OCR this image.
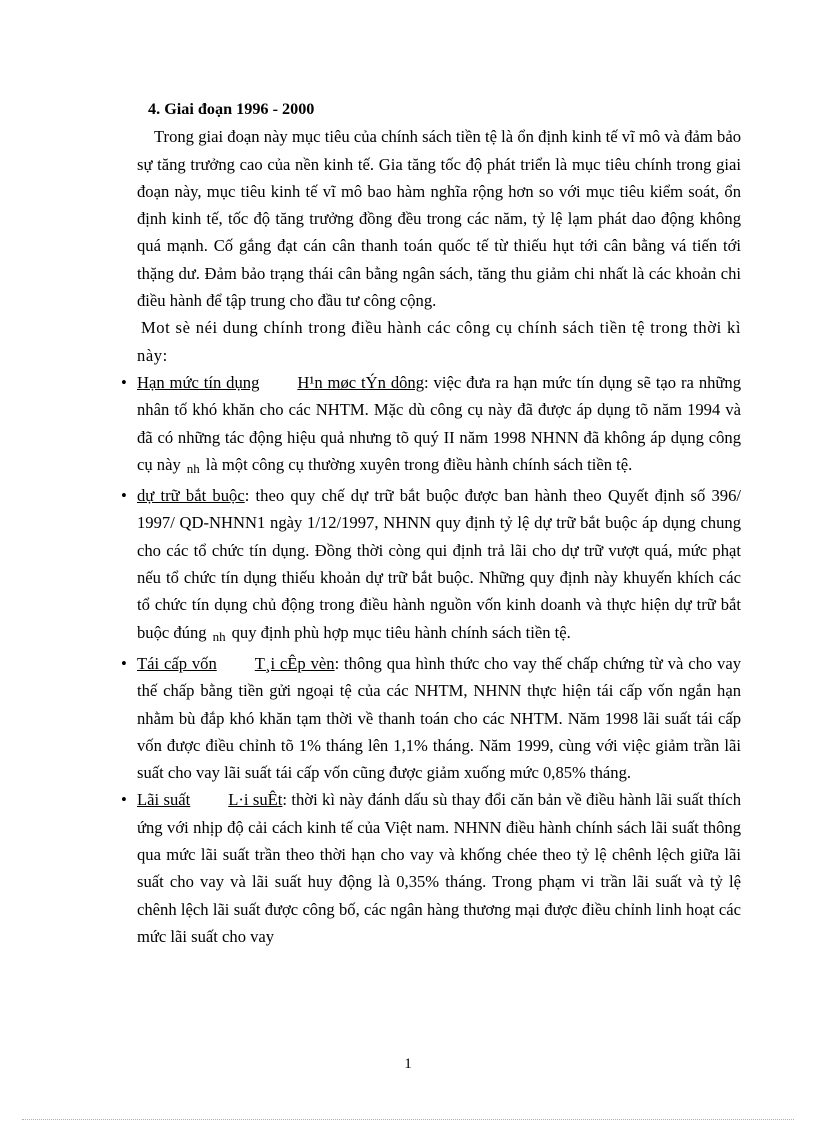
4. Giai đoạn 1996 - 2000

Trong giai đoạn này mục tiêu của chính sách tiền tệ là ổn định kinh tế vĩ mô và đảm bảo sự tăng trưởng cao của nền kinh tế. Gia tăng tốc độ phát triển là mục tiêu chính trong giai đoạn này, mục tiêu kinh tế vĩ mô bao hàm nghĩa rộng hơn so với mục tiêu kiểm soát, ổn định kinh tế, tốc độ tăng trưởng đồng đều trong các năm, tỷ lệ lạm phát dao động không quá mạnh. Cố gắng đạt cán cân thanh toán quốc tế từ thiếu hụt tới cân bằng vá tiến tới thặng dư. Đảm bảo trạng thái cân bằng ngân sách, tăng thu giảm chi nhất là các khoản chi điều hành để tập trung cho đầu tư công cộng.

Mot sè néi dung chính trong điều hành các công cụ chính sách tiền tệ trong thời kì này:

• Hạn mức tín dụng H¹n møc tÝn dông: việc đưa ra hạn mức tín dụng sẽ tạo ra những nhân tố khó khăn cho các NHTM. Mặc dù công cụ này đã được áp dụng tõ năm 1994 và đã có những tác động hiệu quả nhưng tõ quý II năm 1998 NHNN đã không áp dụng công cụ này nh là một công cụ thường xuyên trong điều hành chính sách tiền tệ.

• dự trữ bắt buộc: theo quy chế dự trữ bắt buộc được ban hành theo Quyết định số 396/ 1997/ QD-NHNN1 ngày 1/12/1997, NHNN quy định tỷ lệ dự trữ bắt buộc áp dụng chung cho các tổ chức tín dụng. Đồng thời còng qui định trả lãi cho dự trữ vượt quá, mức phạt nếu tổ chức tín dụng thiếu khoản dự trữ bắt buộc. Những quy định này khuyến khích các tổ chức tín dụng chủ động trong điều hành nguồn vốn kinh doanh và thực hiện dự trữ bắt buộc đúng nh quy định phù hợp mục tiêu hành chính sách tiền tệ.

• Tái cấp vốn T¸i cÊp vèn: thông qua hình thức cho vay thế chấp chứng từ và cho vay thế chấp bằng tiền gửi ngoại tệ của các NHTM, NHNN thực hiện tái cấp vốn ngắn hạn nhằm bù đắp khó khăn tạm thời về thanh toán cho các NHTM. Năm 1998 lãi suất tái cấp vốn được điều chỉnh tõ 1% tháng lên 1,1% tháng. Năm 1999, cùng với việc giảm trần lãi suất cho vay lãi suất tái cấp vốn cũng được giảm xuống mức 0,85% tháng.

• Lãi suất L·i suÊt: thời kì này đánh dấu sù thay đổi căn bản về điều hành lãi suất thích ứng với nhịp độ cải cách kinh tế của Việt nam. NHNN điều hành chính sách lãi suất thông qua mức lãi suất trần theo thời hạn cho vay và khống chée theo tỷ lệ chênh lệch giữa lãi suất cho vay và lãi suất huy động là 0,35% tháng. Trong phạm vi trần lãi suất và tỷ lệ chênh lệch lãi suất được công bố, các ngân hàng thương mại được điều chỉnh linh hoạt các mức lãi suất cho vay

1
